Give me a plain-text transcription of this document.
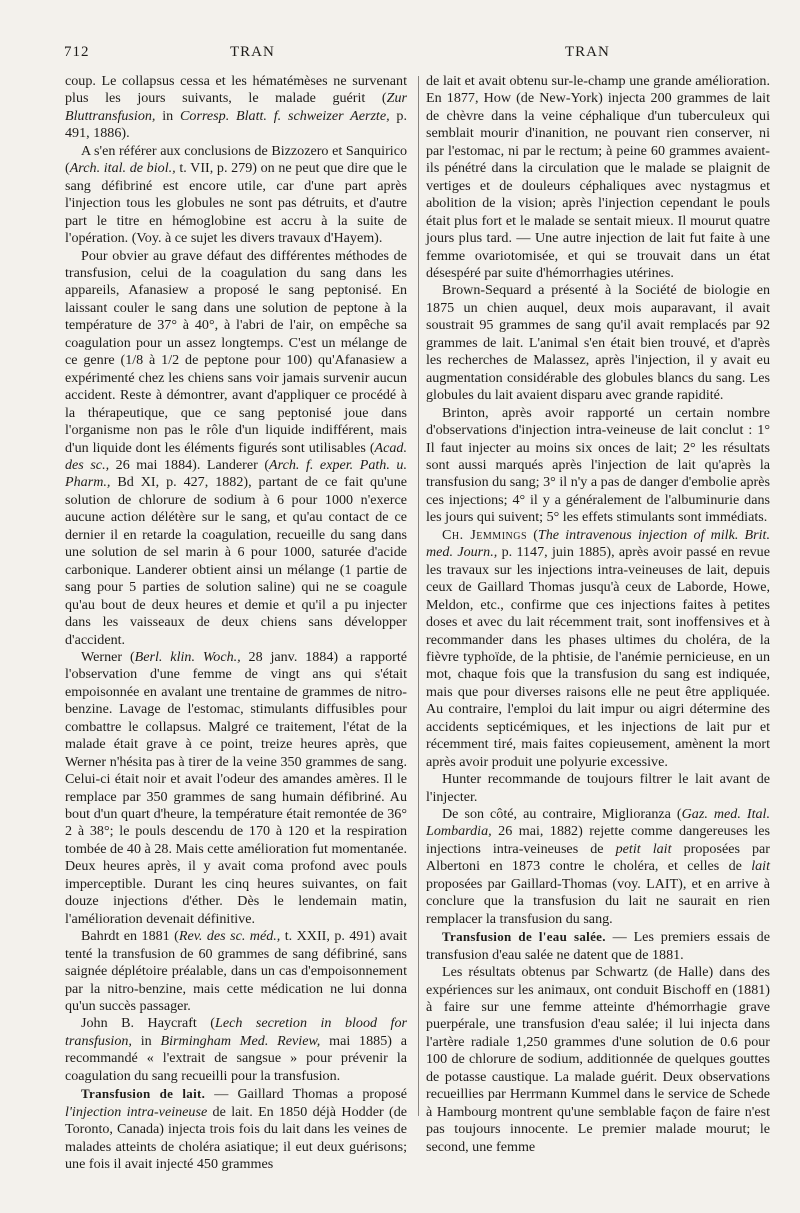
712	TRAN	TRAN

coup. Le collapsus cessa et les hématémèses ne survenant plus les jours suivants, le malade guérit (Zur Bluttransfusion, in Corresp. Blatt. f. schweizer Aerzte, p. 491, 1886).

A s'en référer aux conclusions de Bizzozero et Sanquirico (Arch. ital. de biol., t. VII, p. 279) on ne peut que dire que le sang défibriné est encore utile, car d'une part après l'injection tous les globules ne sont pas détruits, et d'autre part le titre en hémoglobine est accru à la suite de l'opération. (Voy. à ce sujet les divers travaux d'Hayem).

Pour obvier au grave défaut des différentes méthodes de transfusion, celui de la coagulation du sang dans les appareils, Afanasiew a proposé le sang peptonisé. En laissant couler le sang dans une solution de peptone à la température de 37° à 40°, à l'abri de l'air, on empêche sa coagulation pour un assez longtemps. C'est un mélange de ce genre (1/8 à 1/2 de peptone pour 100) qu'Afanasiew a expérimenté chez les chiens sans voir jamais survenir aucun accident. Reste à démontrer, avant d'appliquer ce procédé à la thérapeutique, que ce sang peptonisé joue dans l'organisme non pas le rôle d'un liquide indifférent, mais d'un liquide dont les éléments figurés sont utilisables (Acad. des sc., 26 mai 1884). Landerer (Arch. f. exper. Path. u. Pharm., Bd XI, p. 427, 1882), partant de ce fait qu'une solution de chlorure de sodium à 6 pour 1000 n'exerce aucune action délétère sur le sang, et qu'au contact de ce dernier il en retarde la coagulation, recueille du sang dans une solution de sel marin à 6 pour 1000, saturée d'acide carbonique. Landerer obtient ainsi un mélange (1 partie de sang pour 5 parties de solution saline) qui ne se coagule qu'au bout de deux heures et demie et qu'il a pu injecter dans les vaisseaux de deux chiens sans développer d'accident.

Werner (Berl. klin. Woch., 28 janv. 1884) a rapporté l'observation d'une femme de vingt ans qui s'était empoisonnée en avalant une trentaine de grammes de nitro-benzine. Lavage de l'estomac, stimulants diffusibles pour combattre le collapsus. Malgré ce traitement, l'état de la malade était grave à ce point, treize heures après, que Werner n'hésita pas à tirer de la veine 350 grammes de sang. Celui-ci était noir et avait l'odeur des amandes amères. Il le remplace par 350 grammes de sang humain défibriné. Au bout d'un quart d'heure, la température était remontée de 36° 2 à 38°; le pouls descendu de 170 à 120 et la respiration tombée de 40 à 28. Mais cette amélioration fut momentanée. Deux heures après, il y avait coma profond avec pouls imperceptible. Durant les cinq heures suivantes, on fait douze injections d'éther. Dès le lendemain matin, l'amélioration devenait définitive.

Bahrdt en 1881 (Rev. des sc. méd., t. XXII, p. 491) avait tenté la transfusion de 60 grammes de sang défibriné, sans saignée déplétoire préalable, dans un cas d'empoisonnement par la nitro-benzine, mais cette médication ne lui donna qu'un succès passager.

John B. Haycraft (Lech secretion in blood for transfusion, in Birmingham Med. Review, mai 1885) a recommandé « l'extrait de sangsue » pour prévenir la coagulation du sang recueilli pour la transfusion.

Transfusion de lait. — Gaillard Thomas a proposé l'injection intra-veineuse de lait. En 1850 déjà Hodder (de Toronto, Canada) injecta trois fois du lait dans les veines de malades atteints de choléra asiatique; il eut deux guérisons; une fois il avait injecté 450 grammes

de lait et avait obtenu sur-le-champ une grande amélioration. En 1877, How (de New-York) injecta 200 grammes de lait de chèvre dans la veine céphalique d'un tuberculeux qui semblait mourir d'inanition, ne pouvant rien conserver, ni par l'estomac, ni par le rectum; à peine 60 grammes avaient-ils pénétré dans la circulation que le malade se plaignit de vertiges et de douleurs céphaliques avec nystagmus et abolition de la vision; après l'injection cependant le pouls était plus fort et le malade se sentait mieux. Il mourut quatre jours plus tard. — Une autre injection de lait fut faite à une femme ovariotomisée, et qui se trouvait dans un état désespéré par suite d'hémorrhagies utérines.

Brown-Sequard a présenté à la Société de biologie en 1875 un chien auquel, deux mois auparavant, il avait soustrait 95 grammes de sang qu'il avait remplacés par 92 grammes de lait. L'animal s'en était bien trouvé, et d'après les recherches de Malassez, après l'injection, il y avait eu augmentation considérable des globules blancs du sang. Les globules du lait avaient disparu avec grande rapidité.

Brinton, après avoir rapporté un certain nombre d'observations d'injection intra-veineuse de lait conclut : 1° Il faut injecter au moins six onces de lait; 2° les résultats sont aussi marqués après l'injection de lait qu'après la transfusion du sang; 3° il n'y a pas de danger d'embolie après ces injections; 4° il y a généralement de l'albuminurie dans les jours qui suivent; 5° les effets stimulants sont immédiats.

Ch. Jemmings (The intravenous injection of milk. Brit. med. Journ., p. 1147, juin 1885), après avoir passé en revue les travaux sur les injections intra-veineuses de lait, depuis ceux de Gaillard Thomas jusqu'à ceux de Laborde, Howe, Meldon, etc., confirme que ces injections faites à petites doses et avec du lait récemment trait, sont inoffensives et à recommander dans les phases ultimes du choléra, de la fièvre typhoïde, de la phtisie, de l'anémie pernicieuse, en un mot, chaque fois que la transfusion du sang est indiquée, mais que pour diverses raisons elle ne peut être appliquée. Au contraire, l'emploi du lait impur ou aigri détermine des accidents septicémiques, et les injections de lait pur et récemment tiré, mais faites copieusement, amènent la mort après avoir produit une polyurie excessive.

Hunter recommande de toujours filtrer le lait avant de l'injecter.

De son côté, au contraire, Miglioranza (Gaz. med. Ital. Lombardia, 26 mai, 1882) rejette comme dangereuses les injections intra-veineuses de petit lait proposées par Albertoni en 1873 contre le choléra, et celles de lait proposées par Gaillard-Thomas (voy. LAIT), et en arrive à conclure que la transfusion du lait ne saurait en rien remplacer la transfusion du sang.

Transfusion de l'eau salée. — Les premiers essais de transfusion d'eau salée ne datent que de 1881.

Les résultats obtenus par Schwartz (de Halle) dans des expériences sur les animaux, ont conduit Bischoff en (1881) à faire sur une femme atteinte d'hémorrhagie grave puerpérale, une transfusion d'eau salée; il lui injecta dans l'artère radiale 1,250 grammes d'une solution de 0.6 pour 100 de chlorure de sodium, additionnée de quelques gouttes de potasse caustique. La malade guérit. Deux observations recueillies par Herrmann Kummel dans le service de Schede à Hambourg montrent qu'une semblable façon de faire n'est pas toujours innocente. Le premier malade mourut; le second, une femme
